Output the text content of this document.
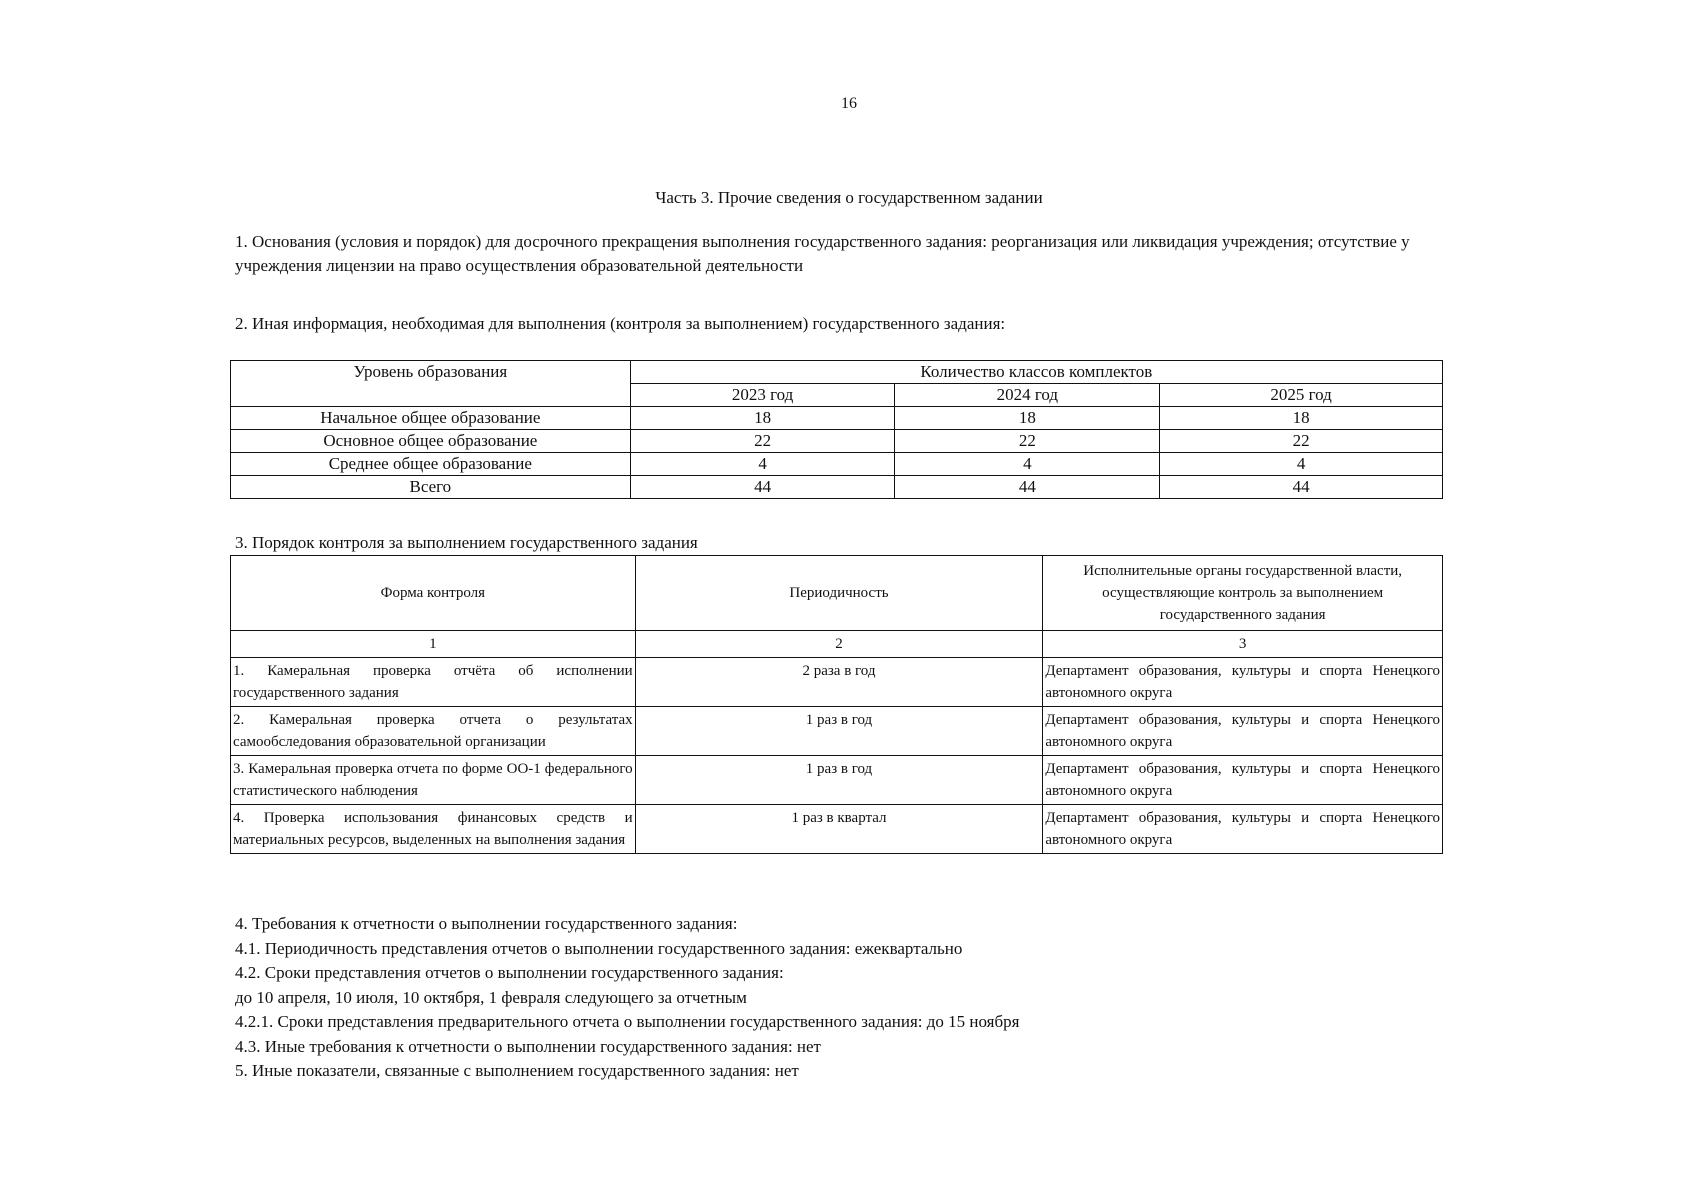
16
Часть 3. Прочие сведения о государственном задании
1. Основания (условия и порядок) для досрочного прекращения выполнения государственного задания: реорганизация или ликвидация учреждения; отсутствие у учреждения лицензии на право осуществления образовательной деятельности
2. Иная информация, необходимая для выполнения (контроля за выполнением) государственного задания:
Уровень образования	Количество классов комплектов		
	2023 год	2024 год	2025 год
Начальное общее образование	18	18	18
Основное общее образование	22	22	22
Среднее общее образование	4	4	4
Всего	44	44	44
3. Порядок контроля за выполнением государственного задания
Форма контроля	Периодичность	Исполнительные органы государственной власти, осуществляющие контроль за выполнением государственного задания
1	2	3
1. Камеральная проверка отчёта об исполнении государственного задания	2 раза в год	Департамент образования, культуры и спорта Ненецкого автономного округа
2. Камеральная проверка отчета о результатах самообследования образовательной организации	1 раз в год	Департамент образования, культуры и спорта Ненецкого автономного округа
3. Камеральная проверка отчета по форме ОО-1 федерального статистического наблюдения	1 раз в год	Департамент образования, культуры и спорта Ненецкого автономного округа
4. Проверка использования финансовых средств и материальных ресурсов, выделенных на выполнения задания	1 раз в квартал	Департамент образования, культуры и спорта Ненецкого автономного округа
4. Требования к отчетности о выполнении государственного задания:
4.1. Периодичность представления отчетов о выполнении государственного задания: ежеквартально
4.2. Сроки представления отчетов о выполнении государственного задания:
до 10 апреля, 10 июля, 10 октября, 1 февраля следующего за отчетным
4.2.1. Сроки представления предварительного отчета о выполнении государственного задания: до 15 ноября
4.3. Иные требования к отчетности о выполнении государственного задания: нет
5. Иные показатели, связанные с выполнением государственного задания: нет
